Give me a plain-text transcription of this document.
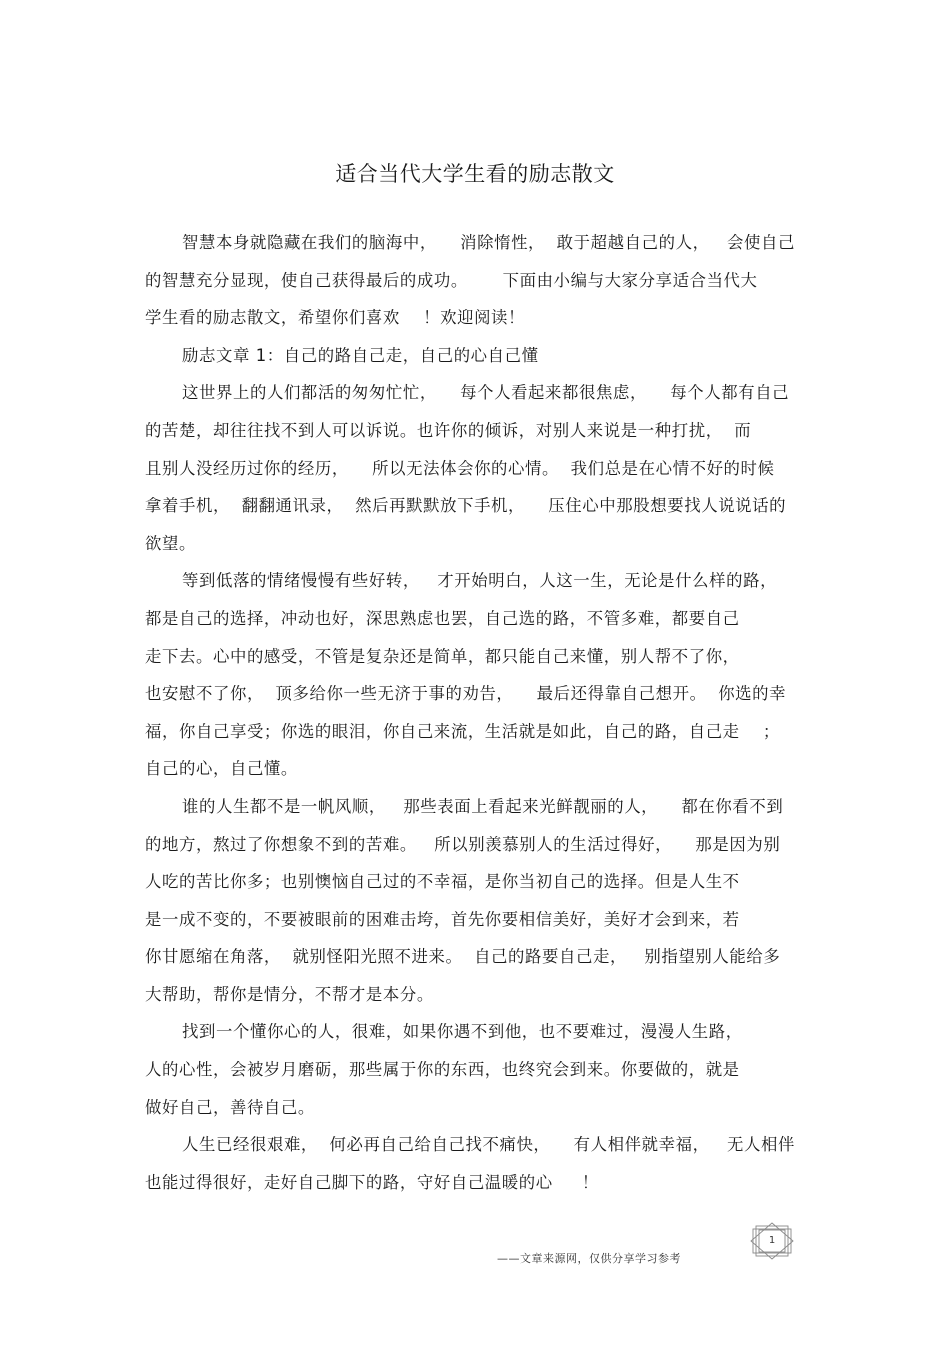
适合当代大学生看的励志散文
智慧本身就隐藏在我们的脑海中，    消除惰性，  敢于超越自己的人，   会使自己
的智慧充分显现，使自己获得最后的成功。      下面由小编与大家分享适合当代大
学生看的励志散文，希望你们喜欢    ！欢迎阅读！
励志文章 1：自己的路自己走，自己的心自己懂
这世界上的人们都活的匆匆忙忙，    每个人看起来都很焦虑，    每个人都有自己
的苦楚，却往往找不到人可以诉说。也许你的倾诉，对别人来说是一种打扰，  而
且别人没经历过你的经历，    所以无法体会你的心情。  我们总是在心情不好的时候
拿着手机，  翻翻通讯录，  然后再默默放下手机，    压住心中那股想要找人说说话的
欲望。
等到低落的情绪慢慢有些好转，   才开始明白，人这一生，无论是什么样的路，
都是自己的选择，冲动也好，深思熟虑也罢，自己选的路，不管多难，都要自己
走下去。心中的感受，不管是复杂还是简单，都只能自己来懂，别人帮不了你，
也安慰不了你，  顶多给你一些无济于事的劝告，    最后还得靠自己想开。  你选的幸
福，你自己享受；你选的眼泪，你自己来流，生活就是如此，自己的路，自己走    ；
自己的心，自己懂。
谁的人生都不是一帆风顺，   那些表面上看起来光鲜靓丽的人，    都在你看不到
的地方，熬过了你想象不到的苦难。   所以别羡慕别人的生活过得好，    那是因为别
人吃的苦比你多；也别懊恼自己过的不幸福，是你当初自己的选择。但是人生不
是一成不变的，不要被眼前的困难击垮，首先你要相信美好，美好才会到来，若
你甘愿缩在角落，  就别怪阳光照不进来。  自己的路要自己走，   别指望别人能给多
大帮助，帮你是情分，不帮才是本分。
找到一个懂你心的人，很难，如果你遇不到他，也不要难过，漫漫人生路，
人的心性，会被岁月磨砺，那些属于你的东西，也终究会到来。你要做的，就是
做好自己，善待自己。
人生已经很艰难，  何必再自己给自己找不痛快，    有人相伴就幸福，   无人相伴
也能过得很好，走好自己脚下的路，守好自己温暖的心     ！
1
——文章来源网，仅供分享学习参考
